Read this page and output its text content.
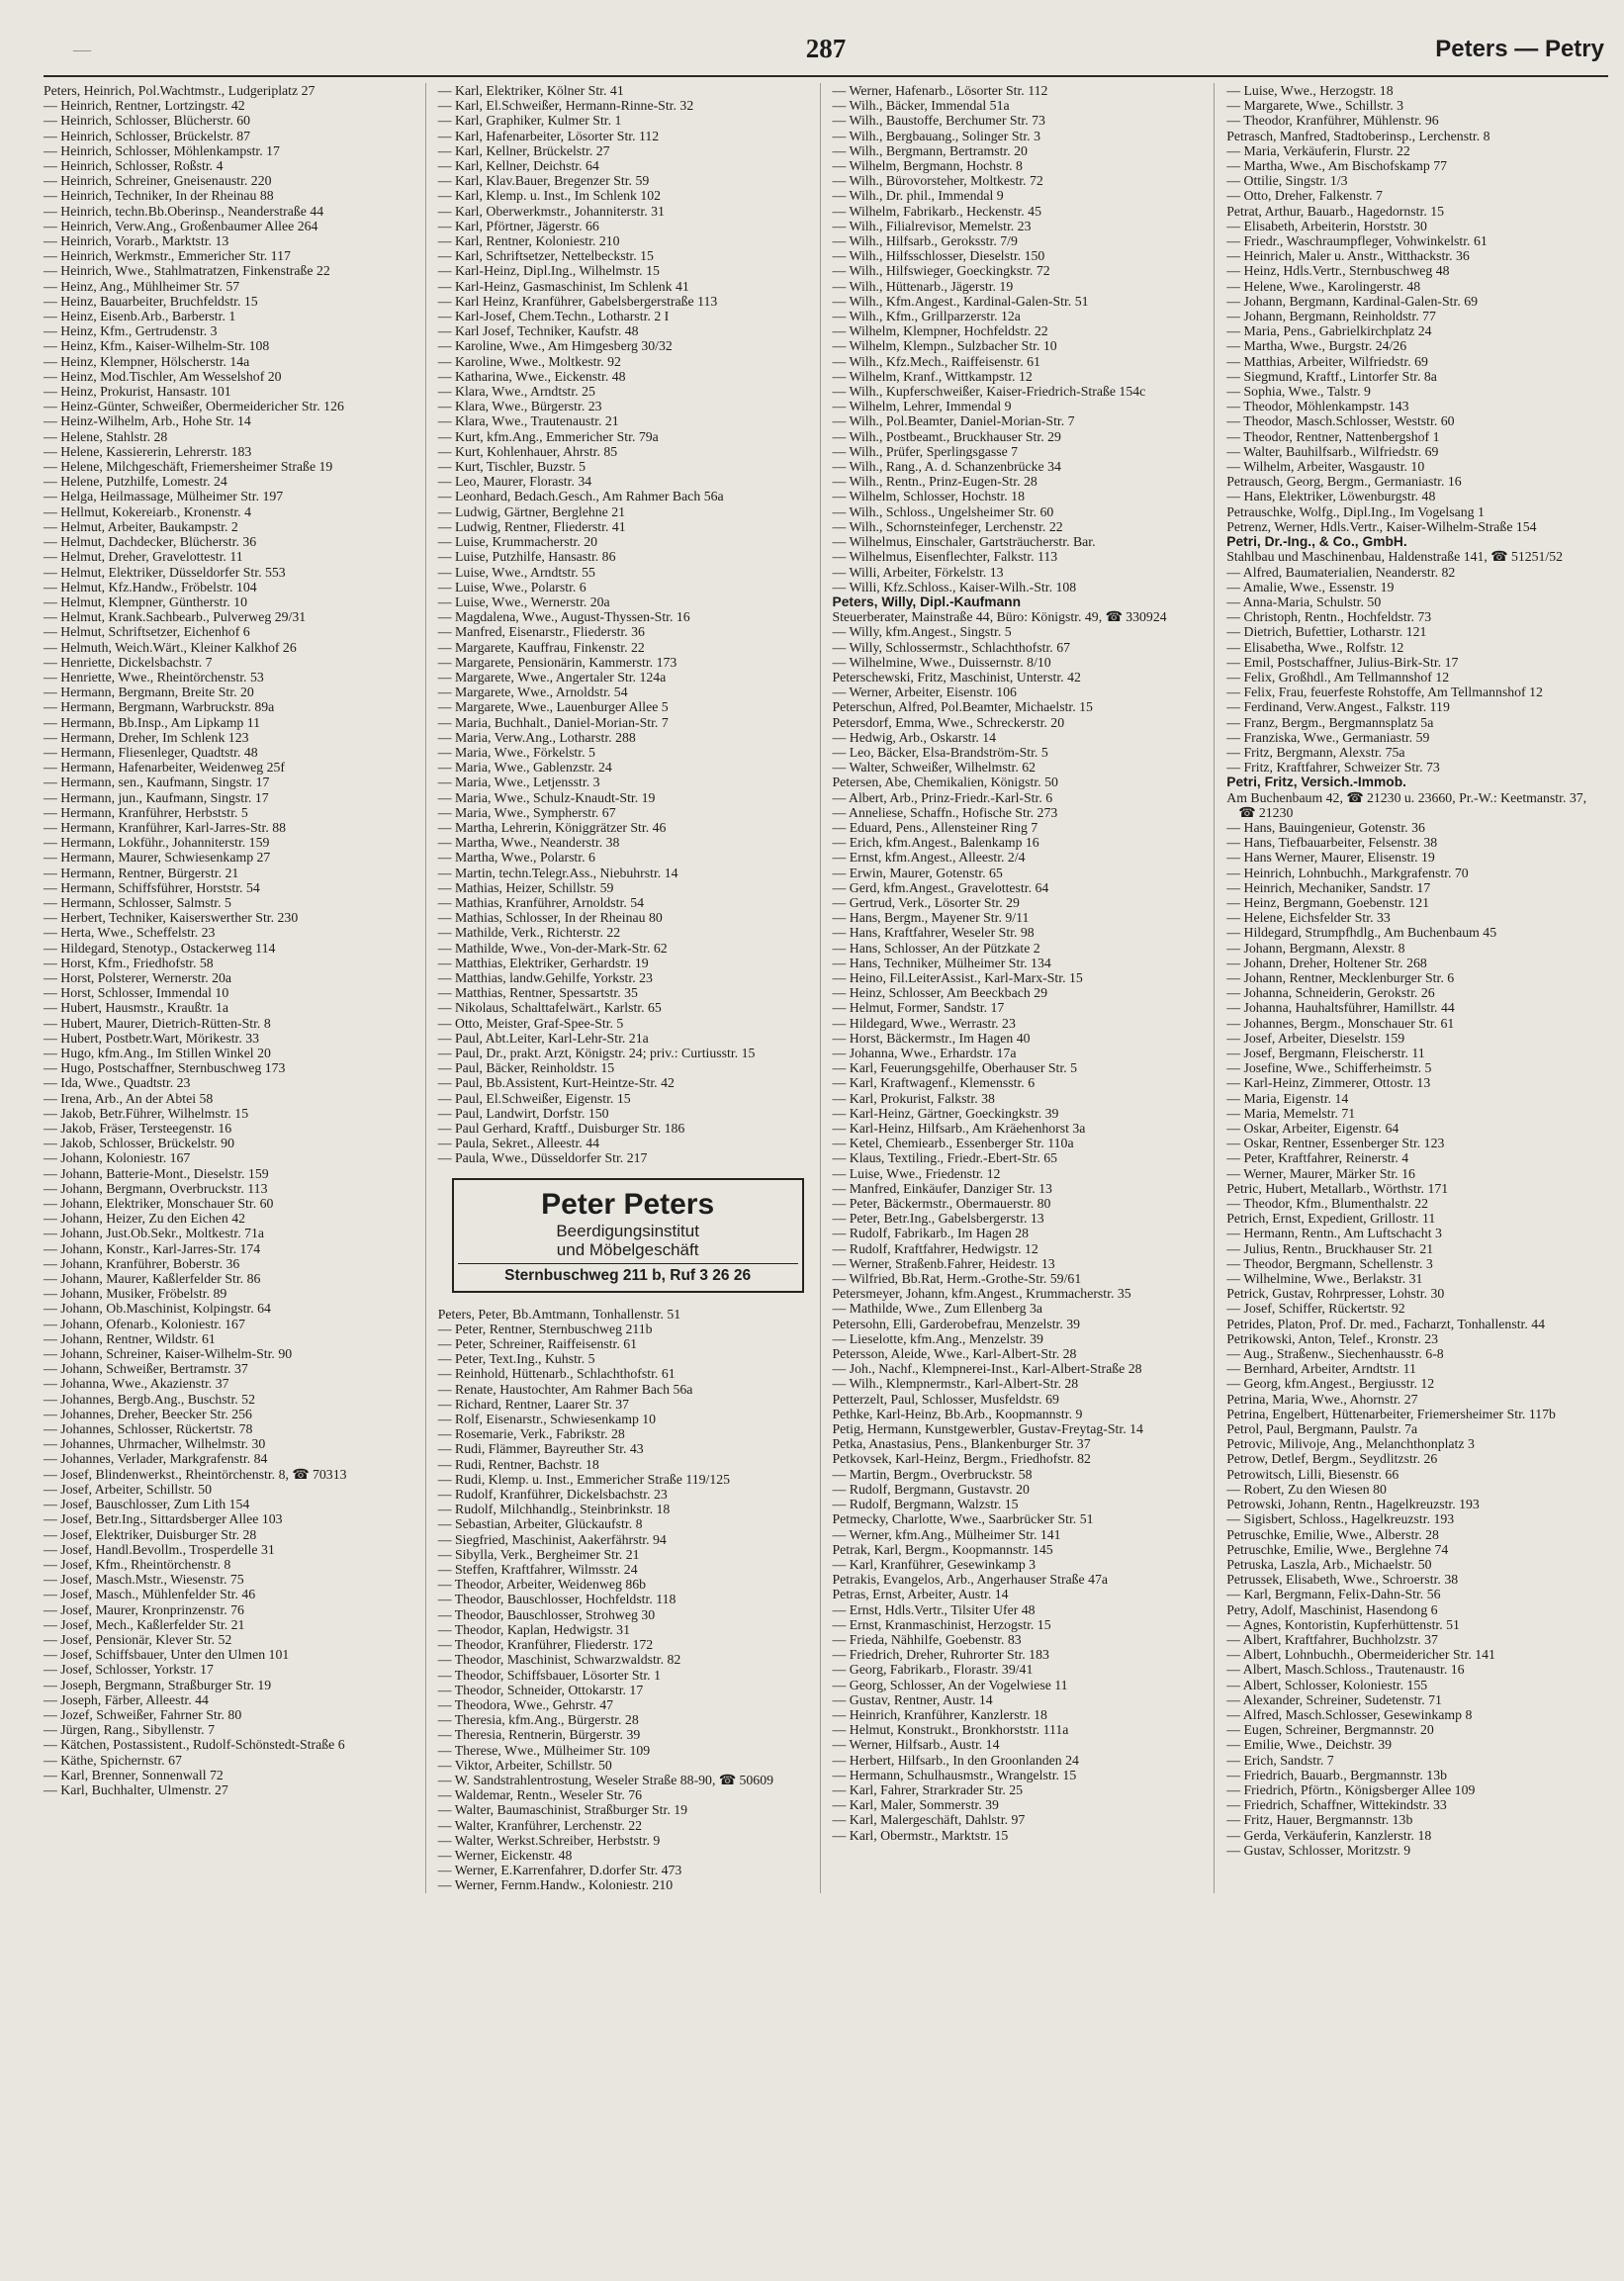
—	287	Peters — Petry
Peters, Heinrich, Pol.Wachtmstr., Ludgeriplatz 27
— Heinrich, Rentner, Lortzingstr. 42
— Heinrich, Schlosser, Blücherstr. 60
— Heinrich, Schlosser, Brückelstr. 87
— Heinrich, Schlosser, Möhlenkampstr. 17
— Heinrich, Schlosser, Roßstr. 4
— Heinrich, Schreiner, Gneisenaustr. 220
— Heinrich, Techniker, In der Rheinau 88
— Heinrich, techn.Bb.Oberinsp., Neanderstraße 44
— Heinrich, Verw.Ang., Großenbaumer Allee 264
— Heinrich, Vorarb., Marktstr. 13
— Heinrich, Werkmstr., Emmericher Str. 117
— Heinrich, Wwe., Stahlmatratzen, Finkenstraße 22
— Heinz, Ang., Mühlheimer Str. 57
— Heinz, Bauarbeiter, Bruchfeldstr. 15
— Heinz, Eisenb.Arb., Barberstr. 1
— Heinz, Kfm., Gertrudenstr. 3
— Heinz, Kfm., Kaiser-Wilhelm-Str. 108
— Heinz, Klempner, Hölscherstr. 14a
— Heinz, Mod.Tischler, Am Wesselshof 20
— Heinz, Prokurist, Hansastr. 101
— Heinz-Günter, Schweißer, Obermeidericher Str. 126
— Heinz-Wilhelm, Arb., Hohe Str. 14
— Helene, Stahlstr. 28
— Helene, Kassiererin, Lehrerstr. 183
— Helene, Milchgeschäft, Friemersheimer Straße 19
— Helene, Putzhilfe, Lomestr. 24
— Helga, Heilmassage, Mülheimer Str. 197
— Hellmut, Kokereiarb., Kronenstr. 4
— Helmut, Arbeiter, Baukampstr. 2
— Helmut, Dachdecker, Blücherstr. 36
— Helmut, Dreher, Gravelottestr. 11
— Helmut, Elektriker, Düsseldorfer Str. 553
— Helmut, Kfz.Handw., Fröbelstr. 104
— Helmut, Klempner, Güntherstr. 10
— Helmut, Krank.Sachbearb., Pulverweg 29/31
— Helmut, Schriftsetzer, Eichenhof 6
— Helmuth, Weich.Wärt., Kleiner Kalkhof 26
— Henriette, Dickelsbachstr. 7
— Henriette, Wwe., Rheintörchenstr. 53
— Hermann, Bergmann, Breite Str. 20
— Hermann, Bergmann, Warbruckstr. 89a
— Hermann, Bb.Insp., Am Lipkamp 11
— Hermann, Dreher, Im Schlenk 123
— Hermann, Fliesenleger, Quadtstr. 48
— Hermann, Hafenarbeiter, Weidenweg 25f
— Hermann, sen., Kaufmann, Singstr. 17
— Hermann, jun., Kaufmann, Singstr. 17
— Hermann, Kranführer, Herbststr. 5
— Hermann, Kranführer, Karl-Jarres-Str. 88
— Hermann, Lokführ., Johanniterstr. 159
— Hermann, Maurer, Schwiesenkamp 27
— Hermann, Rentner, Bürgerstr. 21
— Hermann, Schiffsführer, Horststr. 54
— Hermann, Schlosser, Salmstr. 5
— Herbert, Techniker, Kaiserswerther Str. 230
— Herta, Wwe., Scheffelstr. 23
— Hildegard, Stenotyp., Ostackerweg 114
— Horst, Kfm., Friedhofstr. 58
— Horst, Polsterer, Wernerstr. 20a
— Horst, Schlosser, Immendal 10
— Hubert, Hausmstr., Kraußtr. 1a
— Hubert, Maurer, Dietrich-Rütten-Str. 8
— Hubert, Postbetr.Wart, Mörikestr. 33
— Hugo, kfm.Ang., Im Stillen Winkel 20
— Hugo, Postschaffner, Sternbuschweg 173
— Ida, Wwe., Quadtstr. 23
— Irena, Arb., An der Abtei 58
— Jakob, Betr.Führer, Wilhelmstr. 15
— Jakob, Fräser, Tersteegenstr. 16
— Jakob, Schlosser, Brückelstr. 90
— Johann, Koloniestr. 167
— Johann, Batterie-Mont., Dieselstr. 159
— Johann, Bergmann, Overbruckstr. 113
— Johann, Elektriker, Monschauer Str. 60
— Johann, Heizer, Zu den Eichen 42
— Johann, Just.Ob.Sekr., Moltkestr. 71a
— Johann, Konstr., Karl-Jarres-Str. 174
— Johann, Kranführer, Boberstr. 36
— Johann, Maurer, Kaßlerfelder Str. 86
— Johann, Musiker, Fröbelstr. 89
— Johann, Ob.Maschinist, Kolpingstr. 64
— Johann, Ofenarb., Koloniestr. 167
— Johann, Rentner, Wildstr. 61
— Johann, Schreiner, Kaiser-Wilhelm-Str. 90
— Johann, Schweißer, Bertramstr. 37
— Johanna, Wwe., Akazienstr. 37
— Johannes, Bergb.Ang., Buschstr. 52
— Johannes, Dreher, Beecker Str. 256
— Johannes, Schlosser, Rückertstr. 78
— Johannes, Uhrmacher, Wilhelmstr. 30
— Johannes, Verlader, Markgrafenstr. 84
— Josef, Blindenwerkst., Rheintörchenstr. 8, ☎ 70313
— Josef, Arbeiter, Schillstr. 50
— Josef, Bauschlosser, Zum Lith 154
— Josef, Betr.Ing., Sittardsberger Allee 103
— Josef, Elektriker, Duisburger Str. 28
— Josef, Handl.Bevollm., Trosperdelle 31
— Josef, Kfm., Rheintörchenstr. 8
— Josef, Masch.Mstr., Wiesenstr. 75
— Josef, Masch., Mühlenfelder Str. 46
— Josef, Maurer, Kronprinzenstr. 76
— Josef, Mech., Kaßlerfelder Str. 21
— Josef, Pensionär, Klever Str. 52
— Josef, Schiffsbauer, Unter den Ulmen 101
— Josef, Schlosser, Yorkstr. 17
— Joseph, Bergmann, Straßburger Str. 19
— Joseph, Färber, Alleestr. 44
— Jozef, Schweißer, Fahrner Str. 80
— Jürgen, Rang., Sibyllenstr. 7
— Kätchen, Postassistent., Rudolf-Schönstedt-Straße 6
— Käthe, Spichernstr. 67
— Karl, Brenner, Sonnenwall 72
— Karl, Buchhalter, Ulmenstr. 27
— Karl, Elektriker, Kölner Str. 41
— Karl, El.Schweißer, Hermann-Rinne-Str. 32
— Karl, Graphiker, Kulmer Str. 1
— Karl, Hafenarbeiter, Lösorter Str. 112
— Karl, Kellner, Brückelstr. 27
— Karl, Kellner, Deichstr. 64
— Karl, Klav.Bauer, Bregenzer Str. 59
— Karl, Klemp. u. Inst., Im Schlenk 102
— Karl, Oberwerkmstr., Johanniterstr. 31
— Karl, Pförtner, Jägerstr. 66
— Karl, Rentner, Koloniestr. 210
— Karl, Schriftsetzer, Nettelbeckstr. 15
— Karl-Heinz, Dipl.Ing., Wilhelmstr. 15
— Karl-Heinz, Gasmaschinist, Im Schlenk 41
— Karl Heinz, Kranführer, Gabelsbergerstraße 113
— Karl-Josef, Chem.Techn., Lotharstr. 2 I
— Karl Josef, Techniker, Kaufstr. 48
— Karoline, Wwe., Am Himgesberg 30/32
— Karoline, Wwe., Moltkestr. 92
— Katharina, Wwe., Eickenstr. 48
— Klara, Wwe., Arndtstr. 25
— Klara, Wwe., Bürgerstr. 23
— Klara, Wwe., Trautenaustr. 21
— Kurt, kfm.Ang., Emmericher Str. 79a
— Kurt, Kohlenhauer, Ahrstr. 85
— Kurt, Tischler, Buzstr. 5
— Leo, Maurer, Florastr. 34
— Leonhard, Bedach.Gesch., Am Rahmer Bach 56a
— Ludwig, Gärtner, Berglehne 21
— Ludwig, Rentner, Fliederstr. 41
— Luise, Krummacherstr. 20
— Luise, Putzhilfe, Hansastr. 86
— Luise, Wwe., Arndtstr. 55
— Luise, Wwe., Polarstr. 6
— Luise, Wwe., Wernerstr. 20a
— Magdalena, Wwe., August-Thyssen-Str. 16
— Manfred, Eisenarstr., Fliederstr. 36
— Margarete, Kauffrau, Finkenstr. 22
— Margarete, Pensionärin, Kammerstr. 173
— Margarete, Wwe., Angertaler Str. 124a
— Margarete, Wwe., Arnoldstr. 54
— Margarete, Wwe., Lauenburger Allee 5
— Maria, Buchhalt., Daniel-Morian-Str. 7
— Maria, Verw.Ang., Lotharstr. 288
— Maria, Wwe., Förkelstr. 5
— Maria, Wwe., Gablenzstr. 24
— Maria, Wwe., Letjensstr. 3
— Maria, Wwe., Schulz-Knaudt-Str. 19
— Maria, Wwe., Sympherstr. 67
— Martha, Lehrerin, Königgrätzer Str. 46
— Martha, Wwe., Neanderstr. 38
— Martha, Wwe., Polarstr. 6
— Martin, techn.Telegr.Ass., Niebuhrstr. 14
— Mathias, Heizer, Schillstr. 59
— Mathias, Kranführer, Arnoldstr. 54
— Mathias, Schlosser, In der Rheinau 80
— Mathilde, Verk., Richterstr. 22
— Mathilde, Wwe., Von-der-Mark-Str. 62
— Matthias, Elektriker, Gerhardstr. 19
— Matthias, landw.Gehilfe, Yorkstr. 23
— Matthias, Rentner, Spessartstr. 35
— Nikolaus, Schalttafelwärt., Karlstr. 65
— Otto, Meister, Graf-Spee-Str. 5
— Paul, Abt.Leiter, Karl-Lehr-Str. 21a
— Paul, Dr., prakt. Arzt, Königstr. 24; priv.: Curtiusstr. 15
— Paul, Bäcker, Reinholdstr. 15
— Paul, Bb.Assistent, Kurt-Heintze-Str. 42
— Paul, El.Schweißer, Eigenstr. 15
— Paul, Landwirt, Dorfstr. 150
— Paul Gerhard, Kraftf., Duisburger Str. 186
— Paula, Sekret., Alleestr. 44
— Paula, Wwe., Düsseldorfer Str. 217
Peter Peters
Beerdigungsinstitut
und Möbelgeschäft
Sternbuschweg 211 b, Ruf 3 26 26
Peters, Peter, Bb.Amtmann, Tonhallenstr. 51
— Peter, Rentner, Sternbuschweg 211b
— Peter, Schreiner, Raiffeisenstr. 61
— Peter, Text.Ing., Kuhstr. 5
— Reinhold, Hüttenarb., Schlachthofstr. 61
— Renate, Haustochter, Am Rahmer Bach 56a
— Richard, Rentner, Laarer Str. 37
— Rolf, Eisenarstr., Schwiesenkamp 10
— Rosemarie, Verk., Fabrikstr. 28
— Rudi, Flämmer, Bayreuther Str. 43
— Rudi, Rentner, Bachstr. 18
— Rudi, Klemp. u. Inst., Emmericher Straße 119/125
— Rudolf, Kranführer, Dickelsbachstr. 23
— Rudolf, Milchhandlg., Steinbrinkstr. 18
— Sebastian, Arbeiter, Glückaufstr. 8
— Siegfried, Maschinist, Aakerfährstr. 94
— Sibylla, Verk., Bergheimer Str. 21
— Steffen, Kraftfahrer, Wilmsstr. 24
— Theodor, Arbeiter, Weidenweg 86b
— Theodor, Bauschlosser, Hochfeldstr. 118
— Theodor, Bauschlosser, Strohweg 30
— Theodor, Kaplan, Hedwigstr. 31
— Theodor, Kranführer, Fliederstr. 172
— Theodor, Maschinist, Schwarzwaldstr. 82
— Theodor, Schiffsbauer, Lösorter Str. 1
— Theodor, Schneider, Ottokarstr. 17
— Theodora, Wwe., Gehrstr. 47
— Theresia, kfm.Ang., Bürgerstr. 28
— Theresia, Rentnerin, Bürgerstr. 39
— Therese, Wwe., Mülheimer Str. 109
— Viktor, Arbeiter, Schillstr. 50
— W. Sandstrahlentrostung, Weseler Straße 88-90, ☎ 50609
— Waldemar, Rentn., Weseler Str. 76
— Walter, Baumaschinist, Straßburger Str. 19
— Walter, Kranführer, Lerchenstr. 22
— Walter, Werkst.Schreiber, Herbststr. 9
— Werner, Eickenstr. 48
— Werner, E.Karrenfahrer, D.dorfer Str. 473
— Werner, Fernm.Handw., Koloniestr. 210
— Werner, Hafenarb., Lösorter Str. 112
— Wilh., Bäcker, Immendal 51a
— Wilh., Baustoffe, Berchumer Str. 73
— Wilh., Bergbauang., Solinger Str. 3
— Wilh., Bergmann, Bertramstr. 20
— Wilhelm, Bergmann, Hochstr. 8
— Wilh., Bürovorsteher, Moltkestr. 72
— Wilh., Dr. phil., Immendal 9
— Wilhelm, Fabrikarb., Heckenstr. 45
— Wilh., Filialrevisor, Memelstr. 23
— Wilh., Hilfsarb., Geroksstr. 7/9
— Wilh., Hilfsschlosser, Dieselstr. 150
— Wilh., Hilfswieger, Goeckingkstr. 72
— Wilh., Hüttenarb., Jägerstr. 19
— Wilh., Kfm.Angest., Kardinal-Galen-Str. 51
— Wilh., Kfm., Grillparzerstr. 12a
— Wilhelm, Klempner, Hochfeldstr. 22
— Wilhelm, Klempn., Sulzbacher Str. 10
— Wilh., Kfz.Mech., Raiffeisenstr. 61
— Wilhelm, Kranf., Wittkampstr. 12
— Wilh., Kupferschweißer, Kaiser-Friedrich-Straße 154c
— Wilhelm, Lehrer, Immendal 9
— Wilh., Pol.Beamter, Daniel-Morian-Str. 7
— Wilh., Postbeamt., Bruckhauser Str. 29
— Wilh., Prüfer, Sperlingsgasse 7
— Wilh., Rang., A. d. Schanzenbrücke 34
— Wilh., Rentn., Prinz-Eugen-Str. 28
— Wilhelm, Schlosser, Hochstr. 18
— Wilh., Schloss., Ungelsheimer Str. 60
— Wilh., Schornsteinfeger, Lerchenstr. 22
— Wilhelmus, Einschaler, Gartsträucherstr. Bar.
— Wilhelmus, Eisenflechter, Falkstr. 113
— Willi, Arbeiter, Förkelstr. 13
— Willi, Kfz.Schloss., Kaiser-Wilh.-Str. 108
Peters, Willy, Dipl.-Kaufmann
Steuerberater, Mainstraße 44, Büro: Königstr. 49, ☎ 330924
— Willy, kfm.Angest., Singstr. 5
— Willy, Schlossermstr., Schlachthofstr. 67
— Wilhelmine, Wwe., Duissernstr. 8/10
Peterschewski, Fritz, Maschinist, Unterstr. 42
— Werner, Arbeiter, Eisenstr. 106
Peterschun, Alfred, Pol.Beamter, Michaelstr. 15
Petersdorf, Emma, Wwe., Schreckerstr. 20
— Hedwig, Arb., Oskarstr. 14
— Leo, Bäcker, Elsa-Brandström-Str. 5
— Walter, Schweißer, Wilhelmstr. 62
Petersen, Abe, Chemikalien, Königstr. 50
— Albert, Arb., Prinz-Friedr.-Karl-Str. 6
— Anneliese, Schaffn., Hofische Str. 273
— Eduard, Pens., Allensteiner Ring 7
— Erich, kfm.Angest., Balenkamp 16
— Ernst, kfm.Angest., Alleestr. 2/4
— Erwin, Maurer, Gotenstr. 65
— Gerd, kfm.Angest., Gravelottestr. 64
— Gertrud, Verk., Lösorter Str. 29
— Hans, Bergm., Mayener Str. 9/11
— Hans, Kraftfahrer, Weseler Str. 98
— Hans, Schlosser, An der Pützkate 2
— Hans, Techniker, Mülheimer Str. 134
— Heino, Fil.LeiterAssist., Karl-Marx-Str. 15
— Heinz, Schlosser, Am Beeckbach 29
— Helmut, Former, Sandstr. 17
— Hildegard, Wwe., Werrastr. 23
— Horst, Bäckermstr., Im Hagen 40
— Johanna, Wwe., Erhardstr. 17a
— Karl, Feuerungsgehilfe, Oberhauser Str. 5
— Karl, Kraftwagenf., Klemensstr. 6
— Karl, Prokurist, Falkstr. 38
— Karl-Heinz, Gärtner, Goeckingkstr. 39
— Karl-Heinz, Hilfsarb., Am Kräehenhorst 3a
— Ketel, Chemiearb., Essenberger Str. 110a
— Klaus, Textiling., Friedr.-Ebert-Str. 65
— Luise, Wwe., Friedenstr. 12
— Manfred, Einkäufer, Danziger Str. 13
— Peter, Bäckermstr., Obermauerstr. 80
— Peter, Betr.Ing., Gabelsbergerstr. 13
— Rudolf, Fabrikarb., Im Hagen 28
— Rudolf, Kraftfahrer, Hedwigstr. 12
— Werner, Straßenb.Fahrer, Heidestr. 13
— Wilfried, Bb.Rat, Herm.-Grothe-Str. 59/61
Petersmeyer, Johann, kfm.Angest., Krummacherstr. 35
— Mathilde, Wwe., Zum Ellenberg 3a
Petersohn, Elli, Garderobefrau, Menzelstr. 39
— Lieselotte, kfm.Ang., Menzelstr. 39
Petersson, Aleide, Wwe., Karl-Albert-Str. 28
— Joh., Nachf., Klempnerei-Inst., Karl-Albert-Straße 28
— Wilh., Klempnermstr., Karl-Albert-Str. 28
Petterzelt, Paul, Schlosser, Musfeldstr. 69
Pethke, Karl-Heinz, Bb.Arb., Koopmannstr. 9
Petig, Hermann, Kunstgewerbler, Gustav-Freytag-Str. 14
Petka, Anastasius, Pens., Blankenburger Str. 37
Petkovsek, Karl-Heinz, Bergm., Friedhofstr. 82
— Martin, Bergm., Overbruckstr. 58
— Rudolf, Bergmann, Gustavstr. 20
— Rudolf, Bergmann, Walzstr. 15
Petmecky, Charlotte, Wwe., Saarbrücker Str. 51
— Werner, kfm.Ang., Mülheimer Str. 141
Petrak, Karl, Bergm., Koopmannstr. 145
— Karl, Kranführer, Gesewinkamp 3
Petrakis, Evangelos, Arb., Angerhauser Straße 47a
Petras, Ernst, Arbeiter, Austr. 14
— Ernst, Hdls.Vertr., Tilsiter Ufer 48
— Ernst, Kranmaschinist, Herzogstr. 15
— Frieda, Nähhilfe, Goebenstr. 83
— Friedrich, Dreher, Ruhrorter Str. 183
— Georg, Fabrikarb., Florastr. 39/41
— Georg, Schlosser, An der Vogelwiese 11
— Gustav, Rentner, Austr. 14
— Heinrich, Kranführer, Kanzlerstr. 18
— Helmut, Konstrukt., Bronkhorststr. 111a
— Werner, Hilfsarb., Austr. 14
— Herbert, Hilfsarb., In den Groonlanden 24
— Hermann, Schulhausmstr., Wrangelstr. 15
— Karl, Fahrer, Strarkrader Str. 25
— Karl, Maler, Sommerstr. 39
— Karl, Malergeschäft, Dahlstr. 97
— Karl, Obermstr., Marktstr. 15
— Luise, Wwe., Herzogstr. 18
— Margarete, Wwe., Schillstr. 3
— Theodor, Kranführer, Mühlenstr. 96
Petrasch, Manfred, Stadtoberinsp., Lerchenstr. 8
— Maria, Verkäuferin, Flurstr. 22
— Martha, Wwe., Am Bischofskamp 77
— Ottilie, Singstr. 1/3
— Otto, Dreher, Falkenstr. 7
Petrat, Arthur, Bauarb., Hagedornstr. 15
— Elisabeth, Arbeiterin, Horststr. 30
— Friedr., Waschraumpfleger, Vohwinkelstr. 61
— Heinrich, Maler u. Anstr., Witthackstr. 36
— Heinz, Hdls.Vertr., Sternbuschweg 48
— Helene, Wwe., Karolingerstr. 48
— Johann, Bergmann, Kardinal-Galen-Str. 69
— Johann, Bergmann, Reinholdstr. 77
— Maria, Pens., Gabrielkirchplatz 24
— Martha, Wwe., Burgstr. 24/26
— Matthias, Arbeiter, Wilfriedstr. 69
— Siegmund, Kraftf., Lintorfer Str. 8a
— Sophia, Wwe., Talstr. 9
— Theodor, Möhlenkampstr. 143
— Theodor, Masch.Schlosser, Weststr. 60
— Theodor, Rentner, Nattenbergshof 1
— Walter, Bauhilfsarb., Wilfriedstr. 69
— Wilhelm, Arbeiter, Wasgaustr. 10
Petrausch, Georg, Bergm., Germaniastr. 16
— Hans, Elektriker, Löwenburgstr. 48
Petrauschke, Wolfg., Dipl.Ing., Im Vogelsang 1
Petrenz, Werner, Hdls.Vertr., Kaiser-Wilhelm-Straße 154
Petri, Dr.-Ing., & Co., GmbH.
Stahlbau und Maschinenbau, Haldenstraße 141, ☎ 51251/52
— Alfred, Baumaterialien, Neanderstr. 82
— Amalie, Wwe., Essenstr. 19
— Anna-Maria, Schulstr. 50
— Christoph, Rentn., Hochfeldstr. 73
— Dietrich, Bufettier, Lotharstr. 121
— Elisabetha, Wwe., Rolfstr. 12
— Emil, Postschaffner, Julius-Birk-Str. 17
— Felix, Großhdl., Am Tellmannshof 12
— Felix, Frau, feuerfeste Rohstoffe, Am Tellmannshof 12
— Ferdinand, Verw.Angest., Falkstr. 119
— Franz, Bergm., Bergmannsplatz 5a
— Franziska, Wwe., Germaniastr. 59
— Fritz, Bergmann, Alexstr. 75a
— Fritz, Kraftfahrer, Schweizer Str. 73
Petri, Fritz, Versich.-Immob.
Am Buchenbaum 42, ☎ 21230 u. 23660, Pr.-W.: Keetmanstr. 37, ☎ 21230
— Hans, Bauingenieur, Gotenstr. 36
— Hans, Tiefbauarbeiter, Felsenstr. 38
— Hans Werner, Maurer, Elisenstr. 19
— Heinrich, Lohnbuchh., Markgrafenstr. 70
— Heinrich, Mechaniker, Sandstr. 17
— Heinz, Bergmann, Goebenstr. 121
— Helene, Eichsfelder Str. 33
— Hildegard, Strumpfhdlg., Am Buchenbaum 45
— Johann, Bergmann, Alexstr. 8
— Johann, Dreher, Holtener Str. 268
— Johann, Rentner, Mecklenburger Str. 6
— Johanna, Schneiderin, Gerokstr. 26
— Johanna, Hauhaltsführer, Hamillstr. 44
— Johannes, Bergm., Monschauer Str. 61
— Josef, Arbeiter, Dieselstr. 159
— Josef, Bergmann, Fleischerstr. 11
— Josefine, Wwe., Schifferheimstr. 5
— Karl-Heinz, Zimmerer, Ottostr. 13
— Maria, Eigenstr. 14
— Maria, Memelstr. 71
— Oskar, Arbeiter, Eigenstr. 64
— Oskar, Rentner, Essenberger Str. 123
— Peter, Kraftfahrer, Reinerstr. 4
— Werner, Maurer, Märker Str. 16
Petric, Hubert, Metallarb., Wörthstr. 171
— Theodor, Kfm., Blumenthalstr. 22
Petrich, Ernst, Expedient, Grillostr. 11
— Hermann, Rentn., Am Luftschacht 3
— Julius, Rentn., Bruckhauser Str. 21
— Theodor, Bergmann, Schellenstr. 3
— Wilhelmine, Wwe., Berlakstr. 31
Petrick, Gustav, Rohrpresser, Lohstr. 30
— Josef, Schiffer, Rückertstr. 92
Petrides, Platon, Prof. Dr. med., Facharzt, Tonhallenstr. 44
Petrikowski, Anton, Telef., Kronstr. 23
— Aug., Straßenw., Siechenhausstr. 6-8
— Bernhard, Arbeiter, Arndtstr. 11
— Georg, kfm.Angest., Bergiusstr. 12
Petrina, Maria, Wwe., Ahornstr. 27
Petrina, Engelbert, Hüttenarbeiter, Friemersheimer Str. 117b
Petrol, Paul, Bergmann, Paulstr. 7a
Petrovic, Milivoje, Ang., Melanchthonplatz 3
Petrow, Detlef, Bergm., Seydlitzstr. 26
Petrowitsch, Lilli, Biesenstr. 66
— Robert, Zu den Wiesen 80
Petrowski, Johann, Rentn., Hagelkreuzstr. 193
— Sigisbert, Schloss., Hagelkreuzstr. 193
Petruschke, Emilie, Wwe., Alberstr. 28
Petruschke, Emilie, Wwe., Berglehne 74
Petruska, Laszla, Arb., Michaelstr. 50
Petrussek, Elisabeth, Wwe., Schroerstr. 38
— Karl, Bergmann, Felix-Dahn-Str. 56
Petry, Adolf, Maschinist, Hasendong 6
— Agnes, Kontoristin, Kupferhüttenstr. 51
— Albert, Kraftfahrer, Buchholzstr. 37
— Albert, Lohnbuchh., Obermeidericher Str. 141
— Albert, Masch.Schloss., Trautenaustr. 16
— Albert, Schlosser, Koloniestr. 155
— Alexander, Schreiner, Sudetenstr. 71
— Alfred, Masch.Schlosser, Gesewinkamp 8
— Eugen, Schreiner, Bergmannstr. 20
— Emilie, Wwe., Deichstr. 39
— Erich, Sandstr. 7
— Friedrich, Bauarb., Bergmannstr. 13b
— Friedrich, Pförtn., Königsberger Allee 109
— Friedrich, Schaffner, Wittekindstr. 33
— Fritz, Hauer, Bergmannstr. 13b
— Gerda, Verkäuferin, Kanzlerstr. 18
— Gustav, Schlosser, Moritzstr. 9
